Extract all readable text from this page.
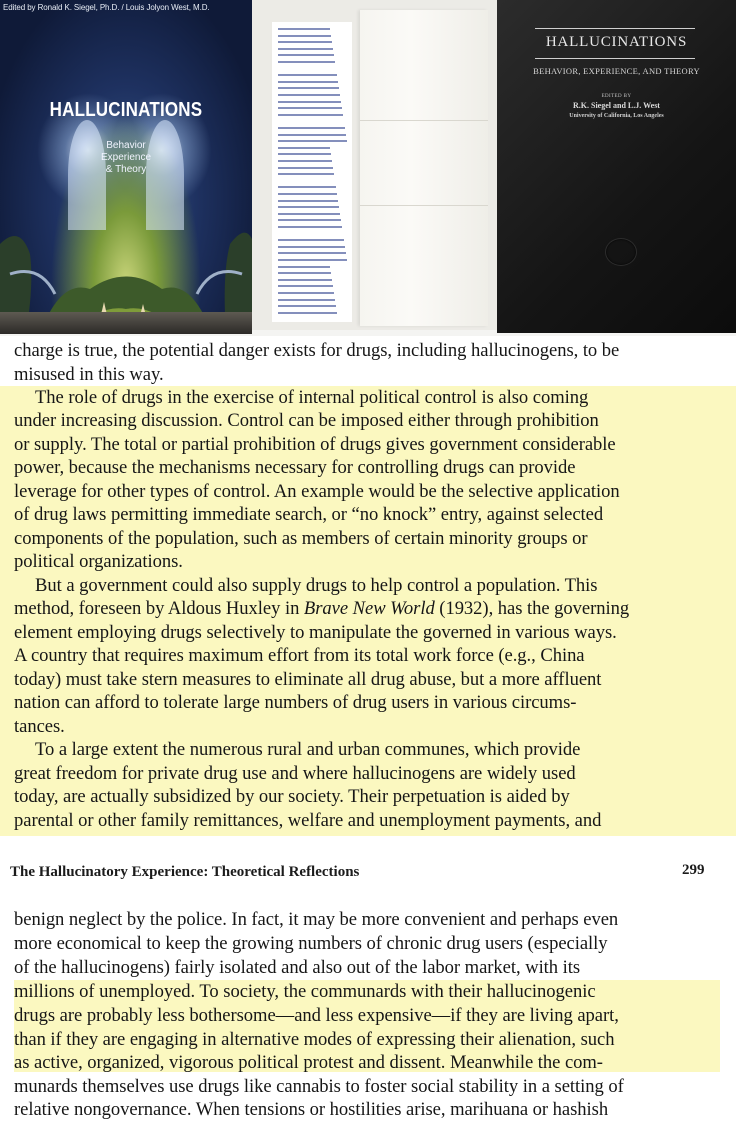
Edited by Ronald K. Siegel, Ph.D. / Louis Jolyon West, M.D.
HALLUCINATIONS
Behavior
Experience
& Theory
HALLUCINATIONS
BEHAVIOR, EXPERIENCE, AND THEORY
EDITED BY
R.K. Siegel and L.J. West
University of California, Los Angeles
charge is true, the potential danger exists for drugs, including hallucinogens, to be
misused in this way.
The role of drugs in the exercise of internal political control is also coming
under increasing discussion. Control can be imposed either through prohibition
or supply. The total or partial prohibition of drugs gives government considerable
power, because the mechanisms necessary for controlling drugs can provide
leverage for other types of control. An example would be the selective application
of drug laws permitting immediate search, or “no knock” entry, against selected
components of the population, such as members of certain minority groups or
political organizations.
But a government could also supply drugs to help control a population. This
method, foreseen by Aldous Huxley in Brave New World (1932), has the governing
element employing drugs selectively to manipulate the governed in various ways.
A country that requires maximum effort from its total work force (e.g., China
today) must take stern measures to eliminate all drug abuse, but a more affluent
nation can afford to tolerate large numbers of drug users in various circums-
tances.
To a large extent the numerous rural and urban communes, which provide
great freedom for private drug use and where hallucinogens are widely used
today, are actually subsidized by our society. Their perpetuation is aided by
parental or other family remittances, welfare and unemployment payments, and
The Hallucinatory Experience: Theoretical Reflections	299
benign neglect by the police. In fact, it may be more convenient and perhaps even
more economical to keep the growing numbers of chronic drug users (especially
of the hallucinogens) fairly isolated and also out of the labor market, with its
millions of unemployed. To society, the communards with their hallucinogenic
drugs are probably less bothersome—and less expensive—if they are living apart,
than if they are engaging in alternative modes of expressing their alienation, such
as active, organized, vigorous political protest and dissent. Meanwhile the com-
munards themselves use drugs like cannabis to foster social stability in a setting of
relative nongovernance. When tensions or hostilities arise, marihuana or hashish
